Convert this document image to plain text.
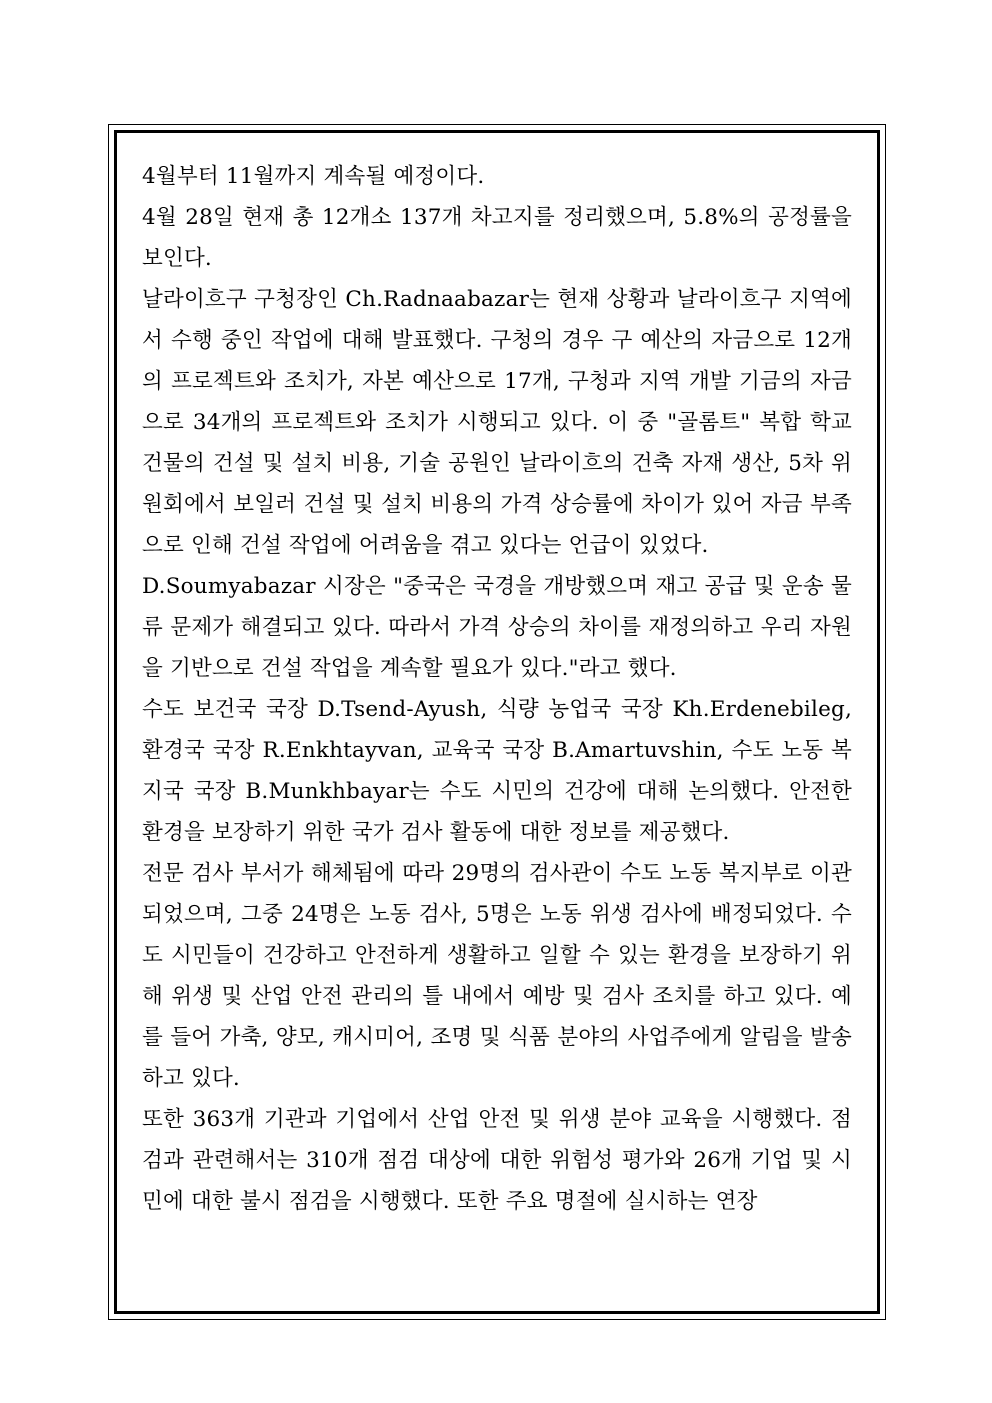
4월부터 11월까지 계속될 예정이다.

4월 28일 현재 총 12개소 137개 차고지를 정리했으며, 5.8%의 공정률을 보인다.

날라이흐구 구청장인 Ch.Radnaabazar는 현재 상황과 날라이흐구 지역에서 수행 중인 작업에 대해 발표했다. 구청의 경우 구 예산의 자금으로 12개의 프로젝트와 조치가, 자본 예산으로 17개, 구청과 지역 개발 기금의 자금으로 34개의 프로젝트와 조치가 시행되고 있다. 이 중 "골롬트" 복합 학교 건물의 건설 및 설치 비용, 기술 공원인 날라이흐의 건축 자재 생산, 5차 위원회에서 보일러 건설 및 설치 비용의 가격 상승률에 차이가 있어 자금 부족으로 인해 건설 작업에 어려움을 겪고 있다는 언급이 있었다.

D.Soumyabazar 시장은 "중국은 국경을 개방했으며 재고 공급 및 운송 물류 문제가 해결되고 있다. 따라서 가격 상승의 차이를 재정의하고 우리 자원을 기반으로 건설 작업을 계속할 필요가 있다."라고 했다.

수도 보건국 국장 D.Tsend-Ayush, 식량 농업국 국장 Kh.Erdenebileg, 환경국 국장 R.Enkhtayvan, 교육국 국장 B.Amartuvshin, 수도 노동 복지국 국장 B.Munkhbayar는 수도 시민의 건강에 대해 논의했다. 안전한 환경을 보장하기 위한 국가 검사 활동에 대한 정보를 제공했다.

전문 검사 부서가 해체됨에 따라 29명의 검사관이 수도 노동 복지부로 이관되었으며, 그중 24명은 노동 검사, 5명은 노동 위생 검사에 배정되었다. 수도 시민들이 건강하고 안전하게 생활하고 일할 수 있는 환경을 보장하기 위해 위생 및 산업 안전 관리의 틀 내에서 예방 및 검사 조치를 하고 있다. 예를 들어 가축, 양모, 캐시미어, 조명 및 식품 분야의 사업주에게 알림을 발송하고 있다.

또한 363개 기관과 기업에서 산업 안전 및 위생 분야 교육을 시행했다. 점검과 관련해서는 310개 점검 대상에 대한 위험성 평가와 26개 기업 및 시민에 대한 불시 점검을 시행했다. 또한 주요 명절에 실시하는 연장
